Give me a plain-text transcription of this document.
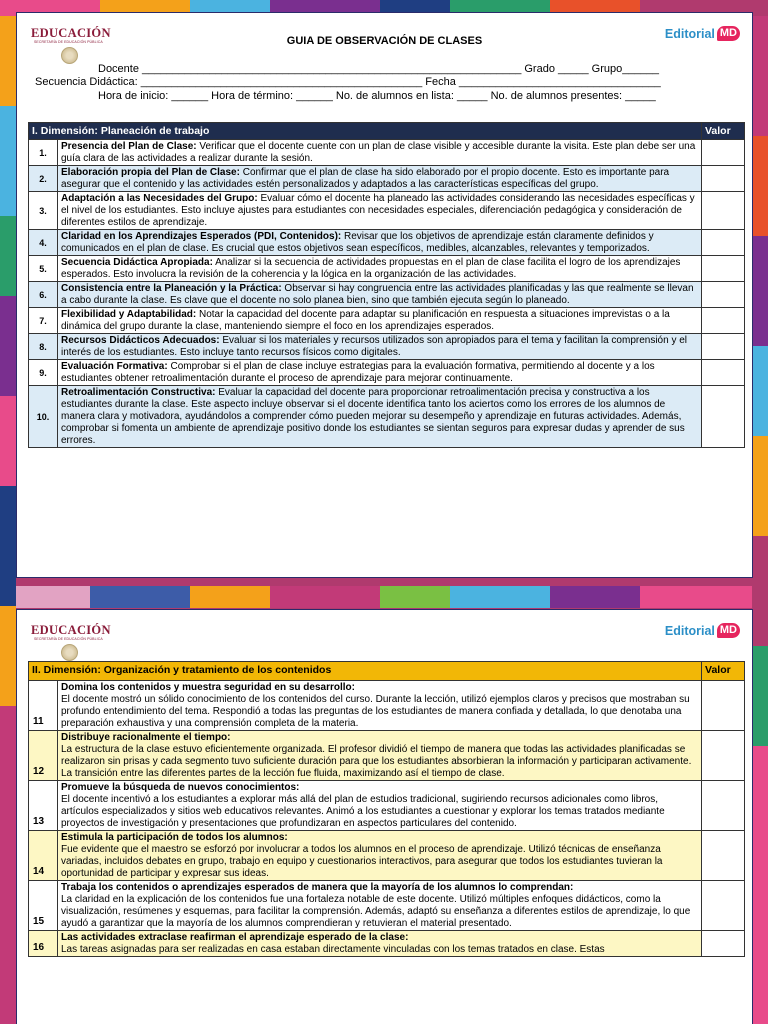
EDUCACIÓN
SECRETARÍA DE EDUCACIÓN PÚBLICA
Editorial MD
GUIA DE OBSERVACIÓN DE CLASES
Docente ______________________________________________________________ Grado _____ Grupo______
Secuencia Didáctica: ______________________________________________ Fecha _________________________________
Hora de inicio: ______ Hora de término: ______ No. de alumnos en lista: _____ No. de alumnos presentes: _____
I. Dimensión: Planeación de trabajo		Valor
1.	Presencia del Plan de Clase: Verificar que el docente cuente con un plan de clase visible y accesible durante la visita. Este plan debe ser una guía clara de las actividades a realizar durante la sesión.	
2.	Elaboración propia del Plan de Clase: Confirmar que el plan de clase ha sido elaborado por el propio docente. Esto es importante para asegurar que el contenido y las actividades estén personalizados y adaptados a las características específicas del grupo.	
3.	Adaptación a las Necesidades del Grupo: Evaluar cómo el docente ha planeado las actividades considerando las necesidades específicas y el nivel de los estudiantes. Esto incluye ajustes para estudiantes con necesidades especiales, diferenciación pedagógica y consideración de diferentes estilos de aprendizaje.	
4.	Claridad en los Aprendizajes Esperados (PDI, Contenidos): Revisar que los objetivos de aprendizaje están claramente definidos y comunicados en el plan de clase. Es crucial que estos objetivos sean específicos, medibles, alcanzables, relevantes y temporizados.	
5.	Secuencia Didáctica Apropiada: Analizar si la secuencia de actividades propuestas en el plan de clase facilita el logro de los aprendizajes esperados. Esto involucra la revisión de la coherencia y la lógica en la organización de las actividades.	
6.	Consistencia entre la Planeación y la Práctica: Observar si hay congruencia entre las actividades planificadas y las que realmente se llevan a cabo durante la clase. Es clave que el docente no solo planea bien, sino que también ejecuta según lo planeado.	
7.	Flexibilidad y Adaptabilidad: Notar la capacidad del docente para adaptar su planificación en respuesta a situaciones imprevistas o a la dinámica del grupo durante la clase, manteniendo siempre el foco en los aprendizajes esperados.	
8.	Recursos Didácticos Adecuados: Evaluar si los materiales y recursos utilizados son apropiados para el tema y facilitan la comprensión y el interés de los estudiantes. Esto incluye tanto recursos físicos como digitales.	
9.	Evaluación Formativa: Comprobar si el plan de clase incluye estrategias para la evaluación formativa, permitiendo al docente y a los estudiantes obtener retroalimentación durante el proceso de aprendizaje para mejorar continuamente.	
10.	Retroalimentación Constructiva: Evaluar la capacidad del docente para proporcionar retroalimentación precisa y constructiva a los estudiantes durante la clase. Este aspecto incluye observar si el docente identifica tanto los aciertos como los errores de los alumnos de manera clara y motivadora, ayudándolos a comprender cómo pueden mejorar su desempeño y aprendizaje en futuras actividades. Además, comprobar si fomenta un ambiente de aprendizaje positivo donde los estudiantes se sientan seguros para expresar dudas y aprender de sus errores.	
EDUCACIÓN
SECRETARÍA DE EDUCACIÓN PÚBLICA
Editorial MD
II. Dimensión: Organización y tratamiento de los contenidos		Valor
11	Domina los contenidos y muestra seguridad en su desarrollo:
El docente mostró un sólido conocimiento de los contenidos del curso. Durante la lección, utilizó ejemplos claros y precisos que mostraban su profundo entendimiento del tema. Respondió a todas las preguntas de los estudiantes de manera confiada y detallada, lo que denotaba una preparación exhaustiva y una comprensión completa de la materia.	
12	Distribuye racionalmente el tiempo:
La estructura de la clase estuvo eficientemente organizada. El profesor dividió el tiempo de manera que todas las actividades planificadas se realizaron sin prisas y cada segmento tuvo suficiente duración para que los estudiantes absorbieran la información y participaran activamente. La transición entre las diferentes partes de la lección fue fluida, maximizando así el tiempo de clase.	
13	Promueve la búsqueda de nuevos conocimientos:
El docente incentivó a los estudiantes a explorar más allá del plan de estudios tradicional, sugiriendo recursos adicionales como libros, artículos especializados y sitios web educativos relevantes. Animó a los estudiantes a cuestionar y explorar los temas tratados mediante proyectos de investigación y presentaciones que profundizaran en aspectos particulares del contenido.	
14	Estimula la participación de todos los alumnos:
Fue evidente que el maestro se esforzó por involucrar a todos los alumnos en el proceso de aprendizaje. Utilizó técnicas de enseñanza variadas, incluidos debates en grupo, trabajo en equipo y cuestionarios interactivos, para asegurar que todos los estudiantes tuvieran la oportunidad de participar y expresar sus ideas.	
15	Trabaja los contenidos o aprendizajes esperados de manera que la mayoría de los alumnos lo comprendan:
La claridad en la explicación de los contenidos fue una fortaleza notable de este docente. Utilizó múltiples enfoques didácticos, como la visualización, resúmenes y esquemas, para facilitar la comprensión. Además, adaptó su enseñanza a diferentes estilos de aprendizaje, lo que ayudó a garantizar que la mayoría de los alumnos comprendieran y retuvieran el material presentado.	
16	Las actividades extraclase reafirman el aprendizaje esperado de la clase:
Las tareas asignadas para ser realizadas en casa estaban directamente vinculadas con los temas tratados en clase. Estas	
